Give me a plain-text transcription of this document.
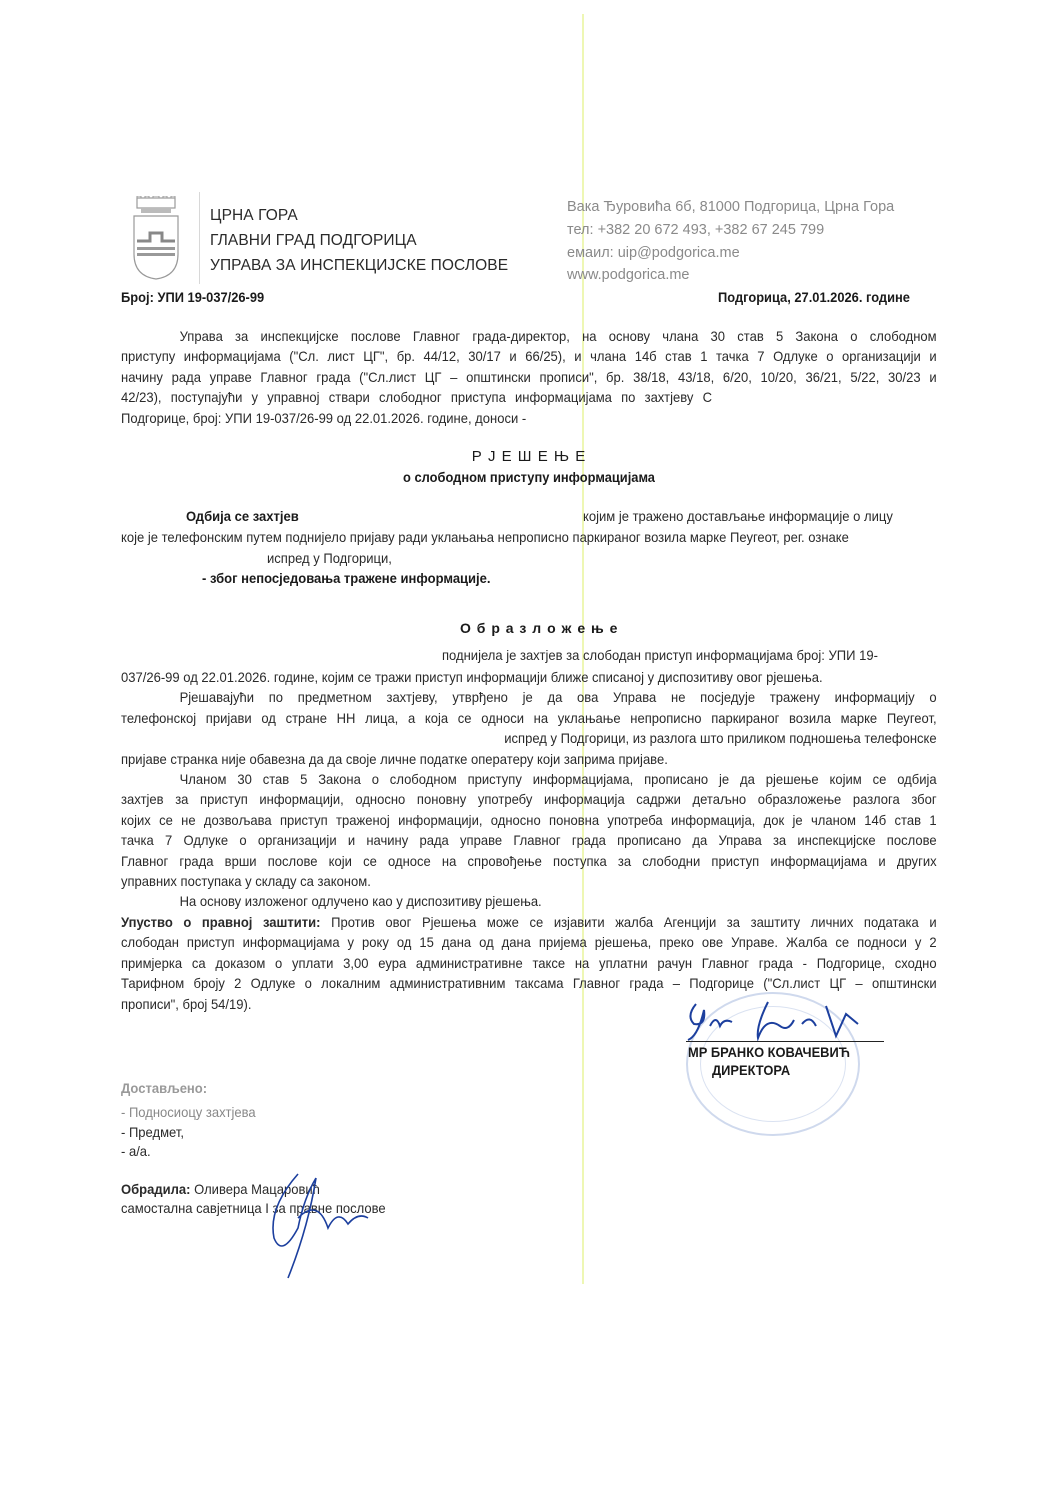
ЦРНА ГОРА
ГЛАВНИ ГРАД ПОДГОРИЦА
УПРАВА ЗА ИНСПЕКЦИЈСКЕ ПОСЛОВЕ
Вака Ђуровића 6б, 81000 Подгорица, Црна Гора
тел: +382 20 672 493, +382 67 245 799
емаил: uip@podgorica.me
www.podgorica.me
Број: УПИ 19-037/26-99	Подгорица, 27.01.2026. године
Управа за инспекцијске послове Главног града-директор, на основу члана 30 став 5 Закона о слободном
приступу информацијама ("Сл. лист ЦГ", бр. 44/12, 30/17 и 66/25), и члана 14б став 1 тачка 7 Одлуке о организацији и
начину рада управе Главног града ("Сл.лист ЦГ – општински прописи", бр. 38/18, 43/18, 6/20, 10/20, 36/21, 5/22, 30/23 и
42/23), поступајући у управној ствари слободног приступа информацијама по захтјеву С
Подгорице, број: УПИ 19-037/26-99 од 22.01.2026. године, доноси -
Р Ј Е Ш Е Њ Е
о слободном приступу информацијама
Одбија се захтјев	којим је тражено достављање информације о лицу
које је телефонским путем поднијело пријаву ради уклањања непрописно паркираног возила марке Пеугеот, рег. ознаке
испред у Подгорици,
- због непосједовања тражене информације.
О б р а з л о ж е њ е
поднијела је захтјев за слободан приступ информацијама број: УПИ 19-
037/26-99 од 22.01.2026. године, којим се тражи приступ информацији ближе списаној у диспозитиву овог рјешења.
Рјешавајући по предметном захтјеву, утврђено је да ова Управа не посједује тражену информацију о
телефонској пријави од стране НН лица, а која се односи на уклањање непрописно паркираног возила марке Пеугеот,
испред у Подгорици, из разлога што приликом подношења телефонске
пријаве странка није обавезна да да своје личне податке оператеру који заприма пријаве.
Чланом 30 став 5 Закона о слободном приступу информацијама, прописано је да рјешење којим се одбија
захтјев за приступ информацији, односно поновну употребу информација садржи детаљно образложење разлога због
којих се не дозвољава приступ траженој информацији, односно поновна употреба информација, док је чланом 14б став 1
тачка 7 Одлуке о организацији и начину рада управе Главног града прописано да Управа за инспекцијске послове
Главног града врши послове који се односе на спровођење поступка за слободни приступ информацијама и других
управних поступака у складу са законом.
На основу изложеног одлучено као у диспозитиву рјешења.
Упуство о правној заштити: Против овог Рјешења може се изјавити жалба Агенцији за заштиту личних података и
слободан приступ информацијама у року од 15 дана од дана пријема рјешења, преко ове Управе. Жалба се подноси у 2
примјерка са доказом о уплати 3,00 еура административне таксе на уплатни рачун Главног града - Подгорице, сходно
Тарифном броју 2 Одлуке о локалним административним таксама Главног града – Подгорице ("Сл.лист ЦГ – општински
прописи", број 54/19).
МР БРАНКО КОВАЧЕВИЋ
ДИРЕКТОРА
Достављено:
- Подносиоцу захтјева
- Предмет,
- а/а.
Обрадила: Оливера Мацаровић
самостална савјетница I за правне послове
